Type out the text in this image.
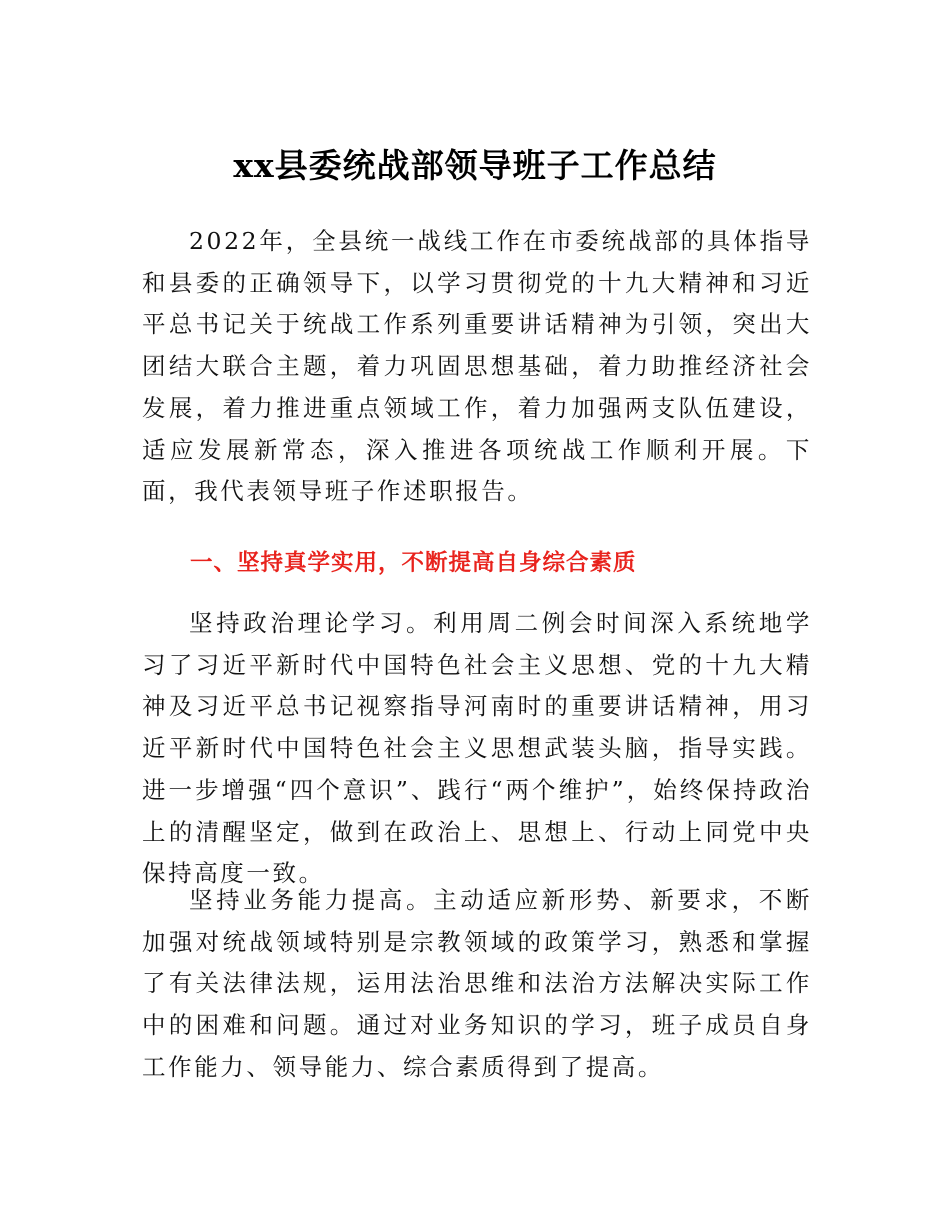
xx县委统战部领导班子工作总结

2022年，全县统一战线工作在市委统战部的具体指导和县委的正确领导下，以学习贯彻党的十九大精神和习近平总书记关于统战工作系列重要讲话精神为引领，突出大团结大联合主题，着力巩固思想基础，着力助推经济社会发展，着力推进重点领域工作，着力加强两支队伍建设，适应发展新常态，深入推进各项统战工作顺利开展。下面，我代表领导班子作述职报告。

一、坚持真学实用，不断提高自身综合素质

坚持政治理论学习。利用周二例会时间深入系统地学习了习近平新时代中国特色社会主义思想、党的十九大精神及习近平总书记视察指导河南时的重要讲话精神，用习近平新时代中国特色社会主义思想武装头脑，指导实践。进一步增强“四个意识”、践行“两个维护”，始终保持政治上的清醒坚定，做到在政治上、思想上、行动上同党中央保持高度一致。

坚持业务能力提高。主动适应新形势、新要求，不断加强对统战领域特别是宗教领域的政策学习，熟悉和掌握了有关法律法规，运用法治思维和法治方法解决实际工作中的困难和问题。通过对业务知识的学习，班子成员自身工作能力、领导能力、综合素质得到了提高。
